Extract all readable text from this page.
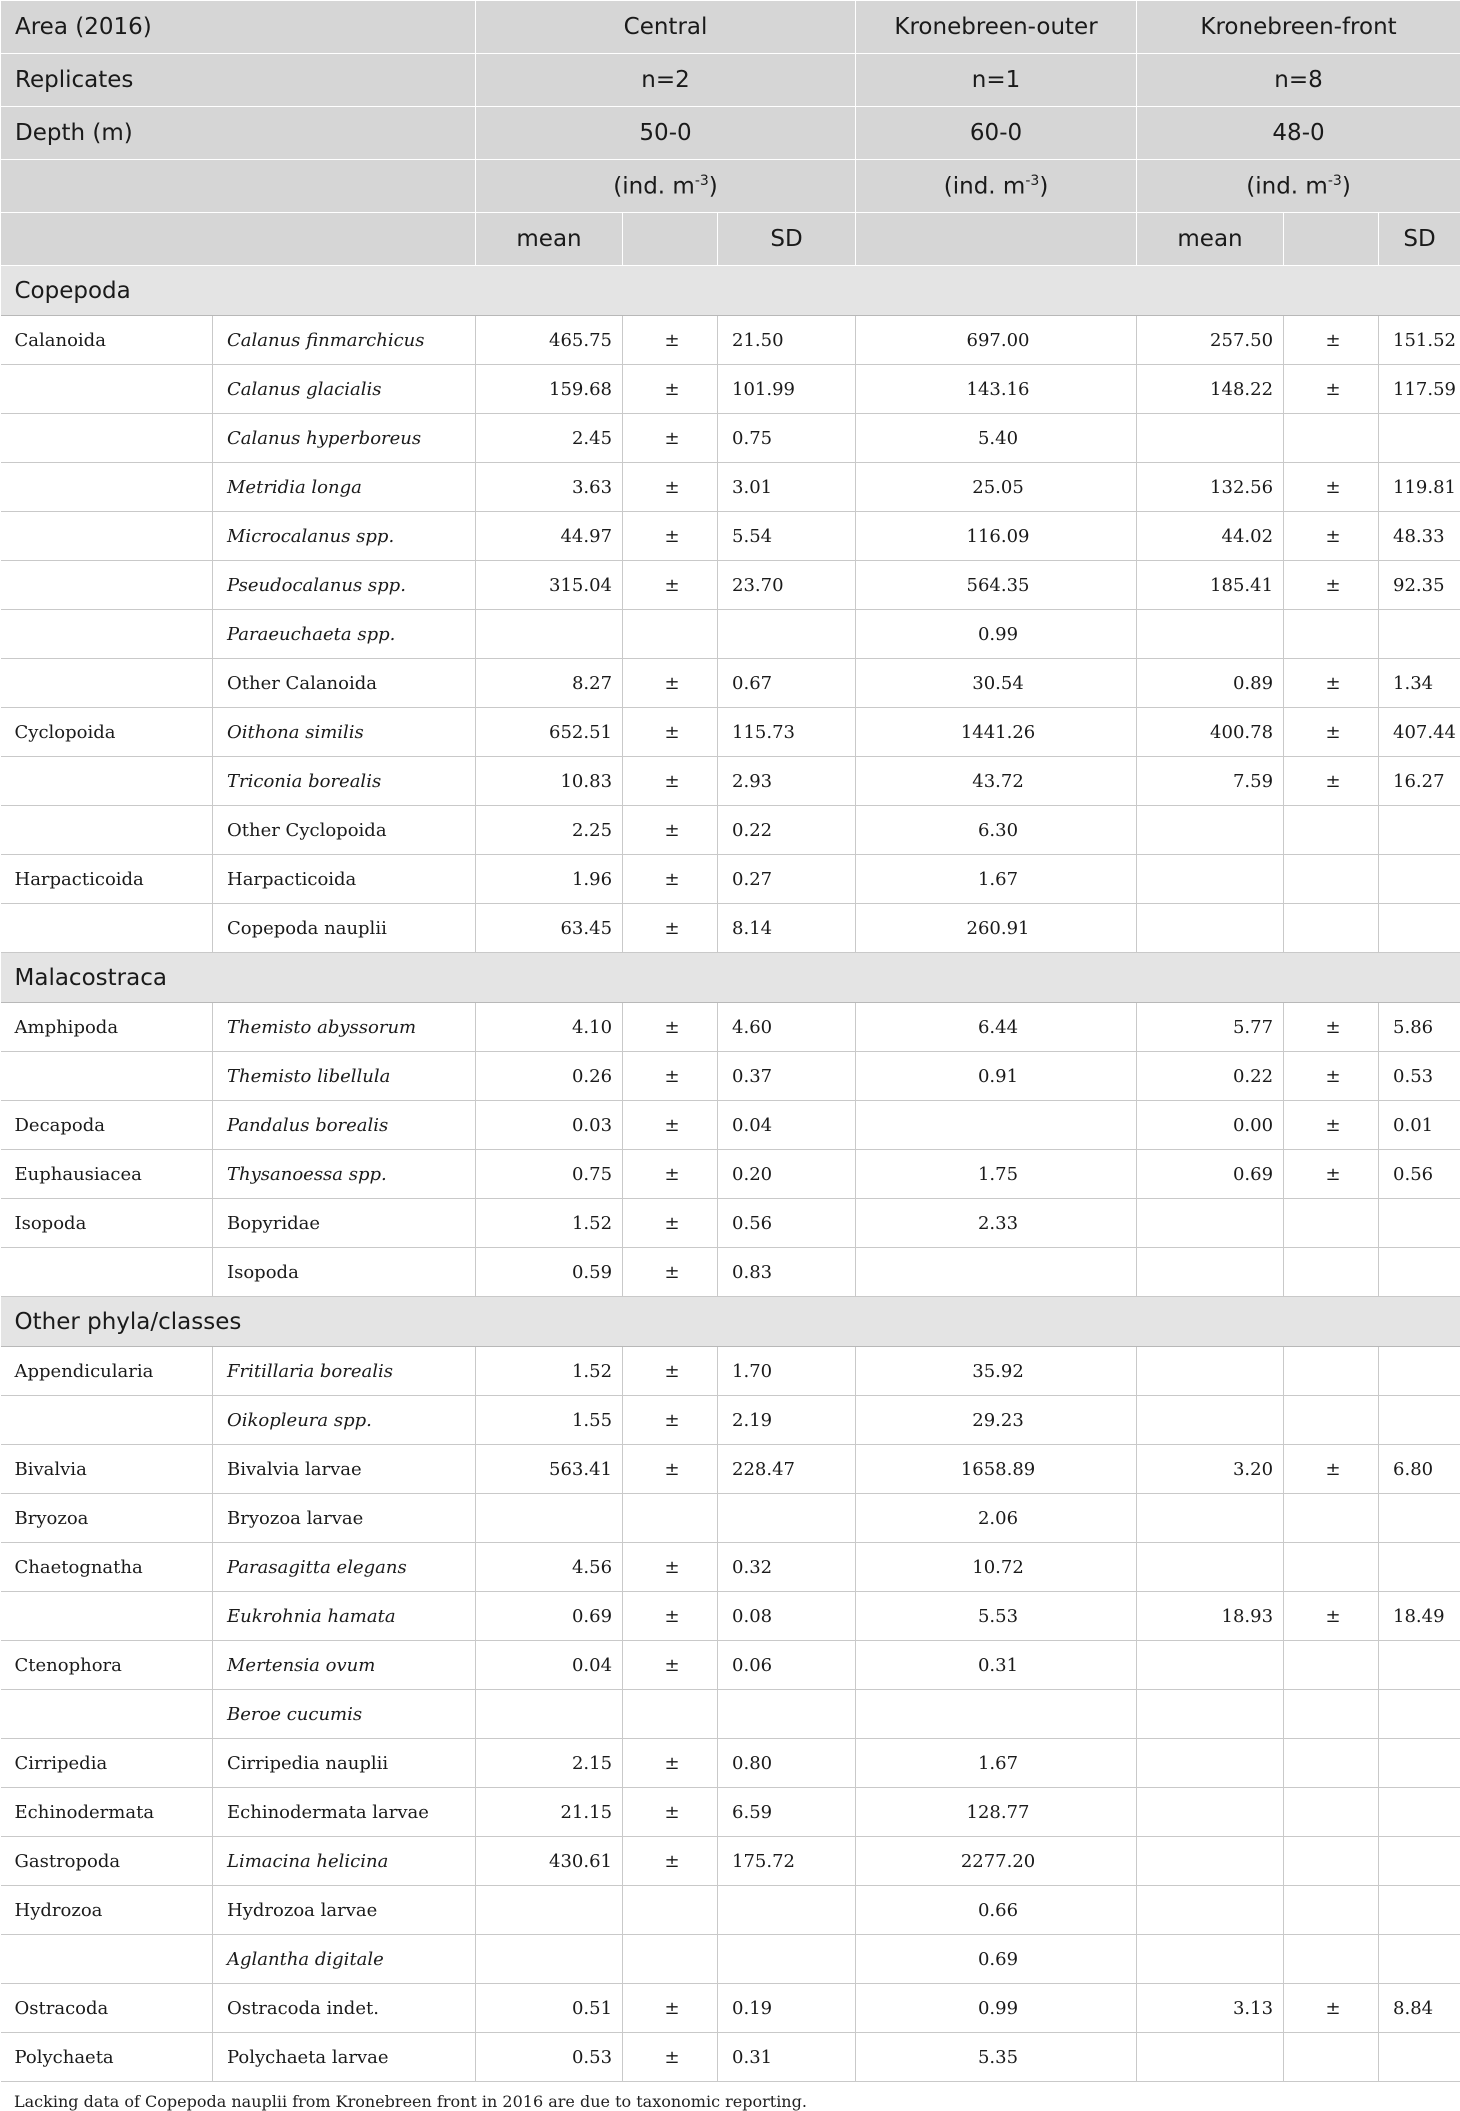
Area (2016)		Central			Kronebreen-outer	Kronebreen-front		
Replicates		n=2			n=1	n=8		
Depth (m)		50-0			60-0	48-0		
		(ind. $m^{-3}$)			(ind. $m^{-3}$)	(ind. $m^{-3}$)		
		mean		SD		mean		SD
Copepoda								
Calanoida	Calanus finmarchicus	465.75	±	21.50	697.00	257.50	±	151.52
	Calanus glacialis	159.68	±	101.99	143.16	148.22	±	117.59
	Calanus hyperboreus	2.45	±	0.75	5.40			
	Metridia longa	3.63	±	3.01	25.05	132.56	±	119.81
	Microcalanus spp.	44.97	±	5.54	116.09	44.02	±	48.33
	Pseudocalanus spp.	315.04	±	23.70	564.35	185.41	±	92.35
	Paraeuchaeta spp.				0.99			
	Other Calanoida	8.27	±	0.67	30.54	0.89	±	1.34
Cyclopoida	Oithona similis	652.51	±	115.73	1441.26	400.78	±	407.44
	Triconia borealis	10.83	±	2.93	43.72	7.59	±	16.27
	Other Cyclopoida	2.25	±	0.22	6.30			
Harpacticoida	Harpacticoida	1.96	±	0.27	1.67			
	Copepoda nauplii	63.45	±	8.14	260.91			
Malacostraca								
Amphipoda	Themisto abyssorum	4.10	±	4.60	6.44	5.77	±	5.86
	Themisto libellula	0.26	±	0.37	0.91	0.22	±	0.53
Decapoda	Pandalus borealis	0.03	±	0.04		0.00	±	0.01
Euphausiacea	Thysanoessa spp.	0.75	±	0.20	1.75	0.69	±	0.56
Isopoda	Bopyridae	1.52	±	0.56	2.33			
	Isopoda	0.59	±	0.83				
Other phyla/classes								
Appendicularia	Fritillaria borealis	1.52	±	1.70	35.92			
	Oikopleura spp.	1.55	±	2.19	29.23			
Bivalvia	Bivalvia larvae	563.41	±	228.47	1658.89	3.20	±	6.80
Bryozoa	Bryozoa larvae				2.06			
Chaetognatha	Parasagitta elegans	4.56	±	0.32	10.72			
	Eukrohnia hamata	0.69	±	0.08	5.53	18.93	±	18.49
Ctenophora	Mertensia ovum	0.04	±	0.06	0.31			
	Beroe cucumis							
Cirripedia	Cirripedia nauplii	2.15	±	0.80	1.67			
Echinodermata	Echinodermata larvae	21.15	±	6.59	128.77			
Gastropoda	Limacina helicina	430.61	±	175.72	2277.20			
Hydrozoa	Hydrozoa larvae				0.66			
	Aglantha digitale				0.69			
Ostracoda	Ostracoda indet.	0.51	±	0.19	0.99	3.13	±	8.84
Polychaeta	Polychaeta larvae	0.53	±	0.31	5.35			
Lacking data of Copepoda nauplii from Kronebreen front in 2016 are due to taxonomic reporting.
